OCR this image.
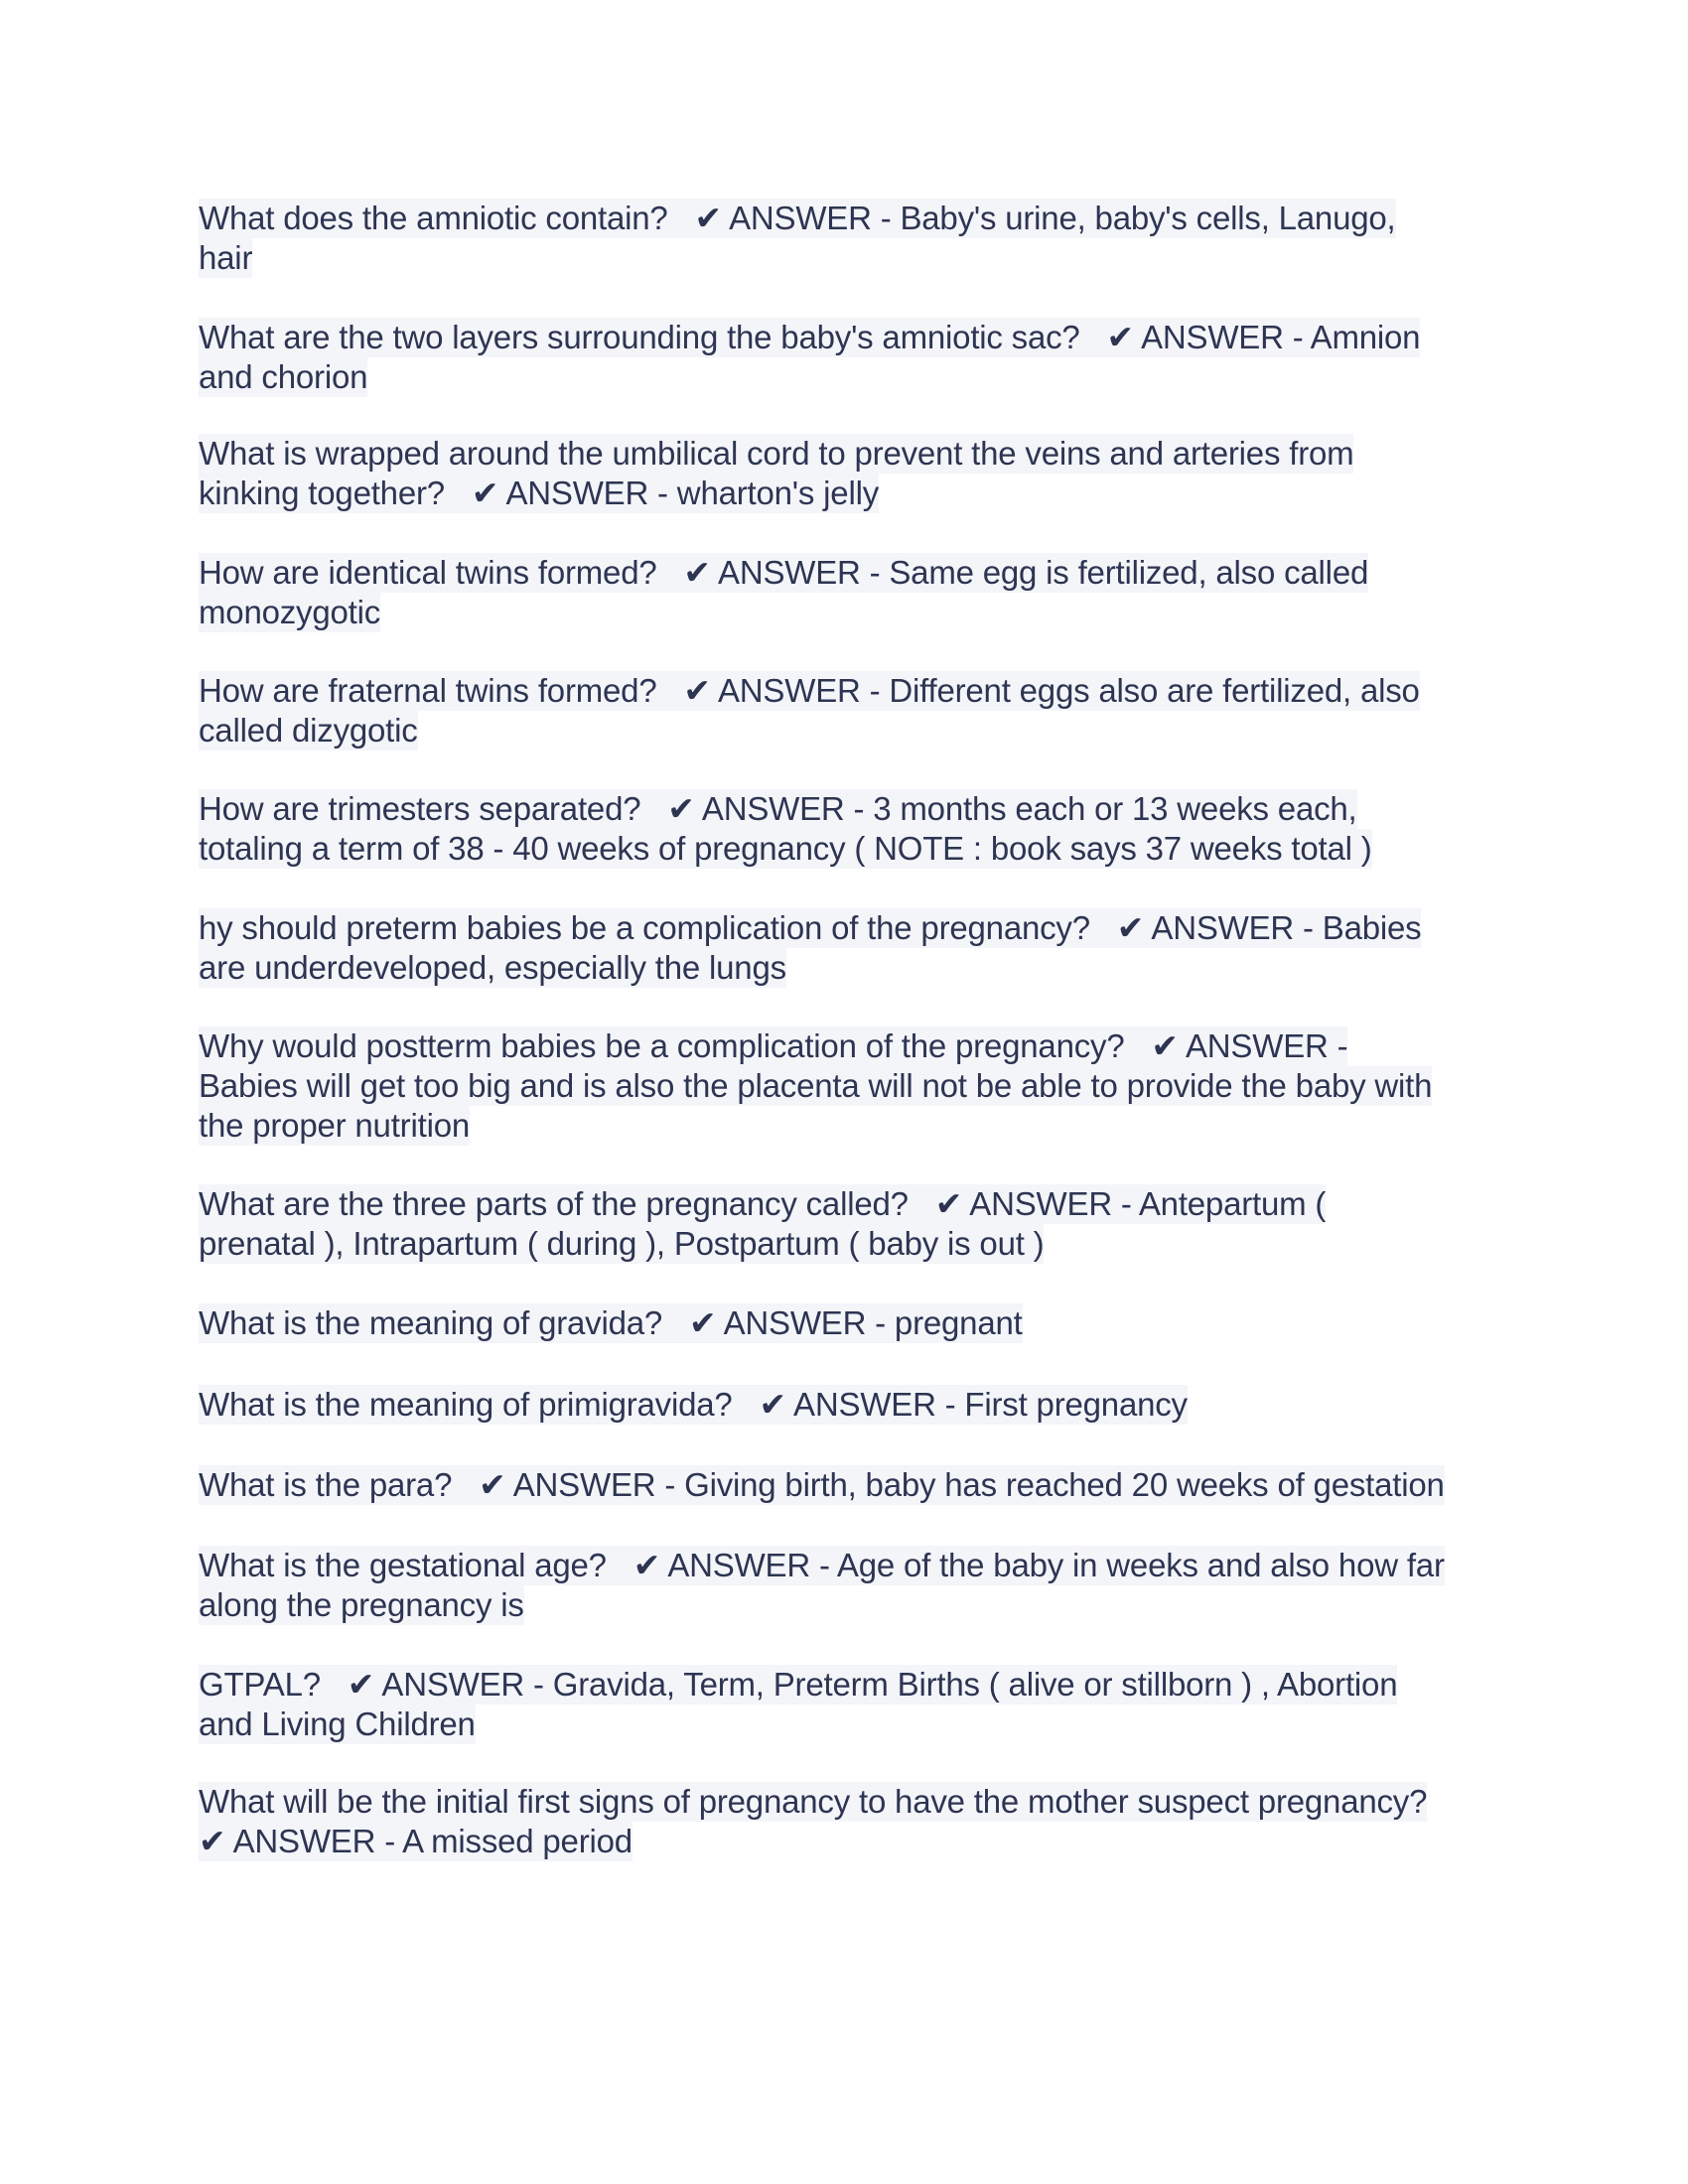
What does the amniotic contain?   ✔ ANSWER - Baby's urine, baby's cells, Lanugo,
hair
What are the two layers surrounding the baby's amniotic sac?   ✔ ANSWER - Amnion
and chorion
What is wrapped around the umbilical cord to prevent the veins and arteries from
kinking together?   ✔ ANSWER - wharton's jelly
How are identical twins formed?   ✔ ANSWER - Same egg is fertilized, also called
monozygotic
How are fraternal twins formed?   ✔ ANSWER - Different eggs also are fertilized, also
called dizygotic
How are trimesters separated?   ✔ ANSWER - 3 months each or 13 weeks each,
totaling a term of 38 - 40 weeks of pregnancy ( NOTE : book says 37 weeks total )
hy should preterm babies be a complication of the pregnancy?   ✔ ANSWER - Babies
are underdeveloped, especially the lungs
Why would postterm babies be a complication of the pregnancy?   ✔ ANSWER -
Babies will get too big and is also the placenta will not be able to provide the baby with
the proper nutrition
What are the three parts of the pregnancy called?   ✔ ANSWER - Antepartum (
prenatal ), Intrapartum ( during ), Postpartum ( baby is out )
What is the meaning of gravida?   ✔ ANSWER - pregnant
What is the meaning of primigravida?   ✔ ANSWER - First pregnancy
What is the para?   ✔ ANSWER - Giving birth, baby has reached 20 weeks of gestation
What is the gestational age?   ✔ ANSWER - Age of the baby in weeks and also how far
along the pregnancy is
GTPAL?   ✔ ANSWER - Gravida, Term, Preterm Births ( alive or stillborn ) , Abortion
and Living Children
What will be the initial first signs of pregnancy to have the mother suspect pregnancy?
✔ ANSWER - A missed period
